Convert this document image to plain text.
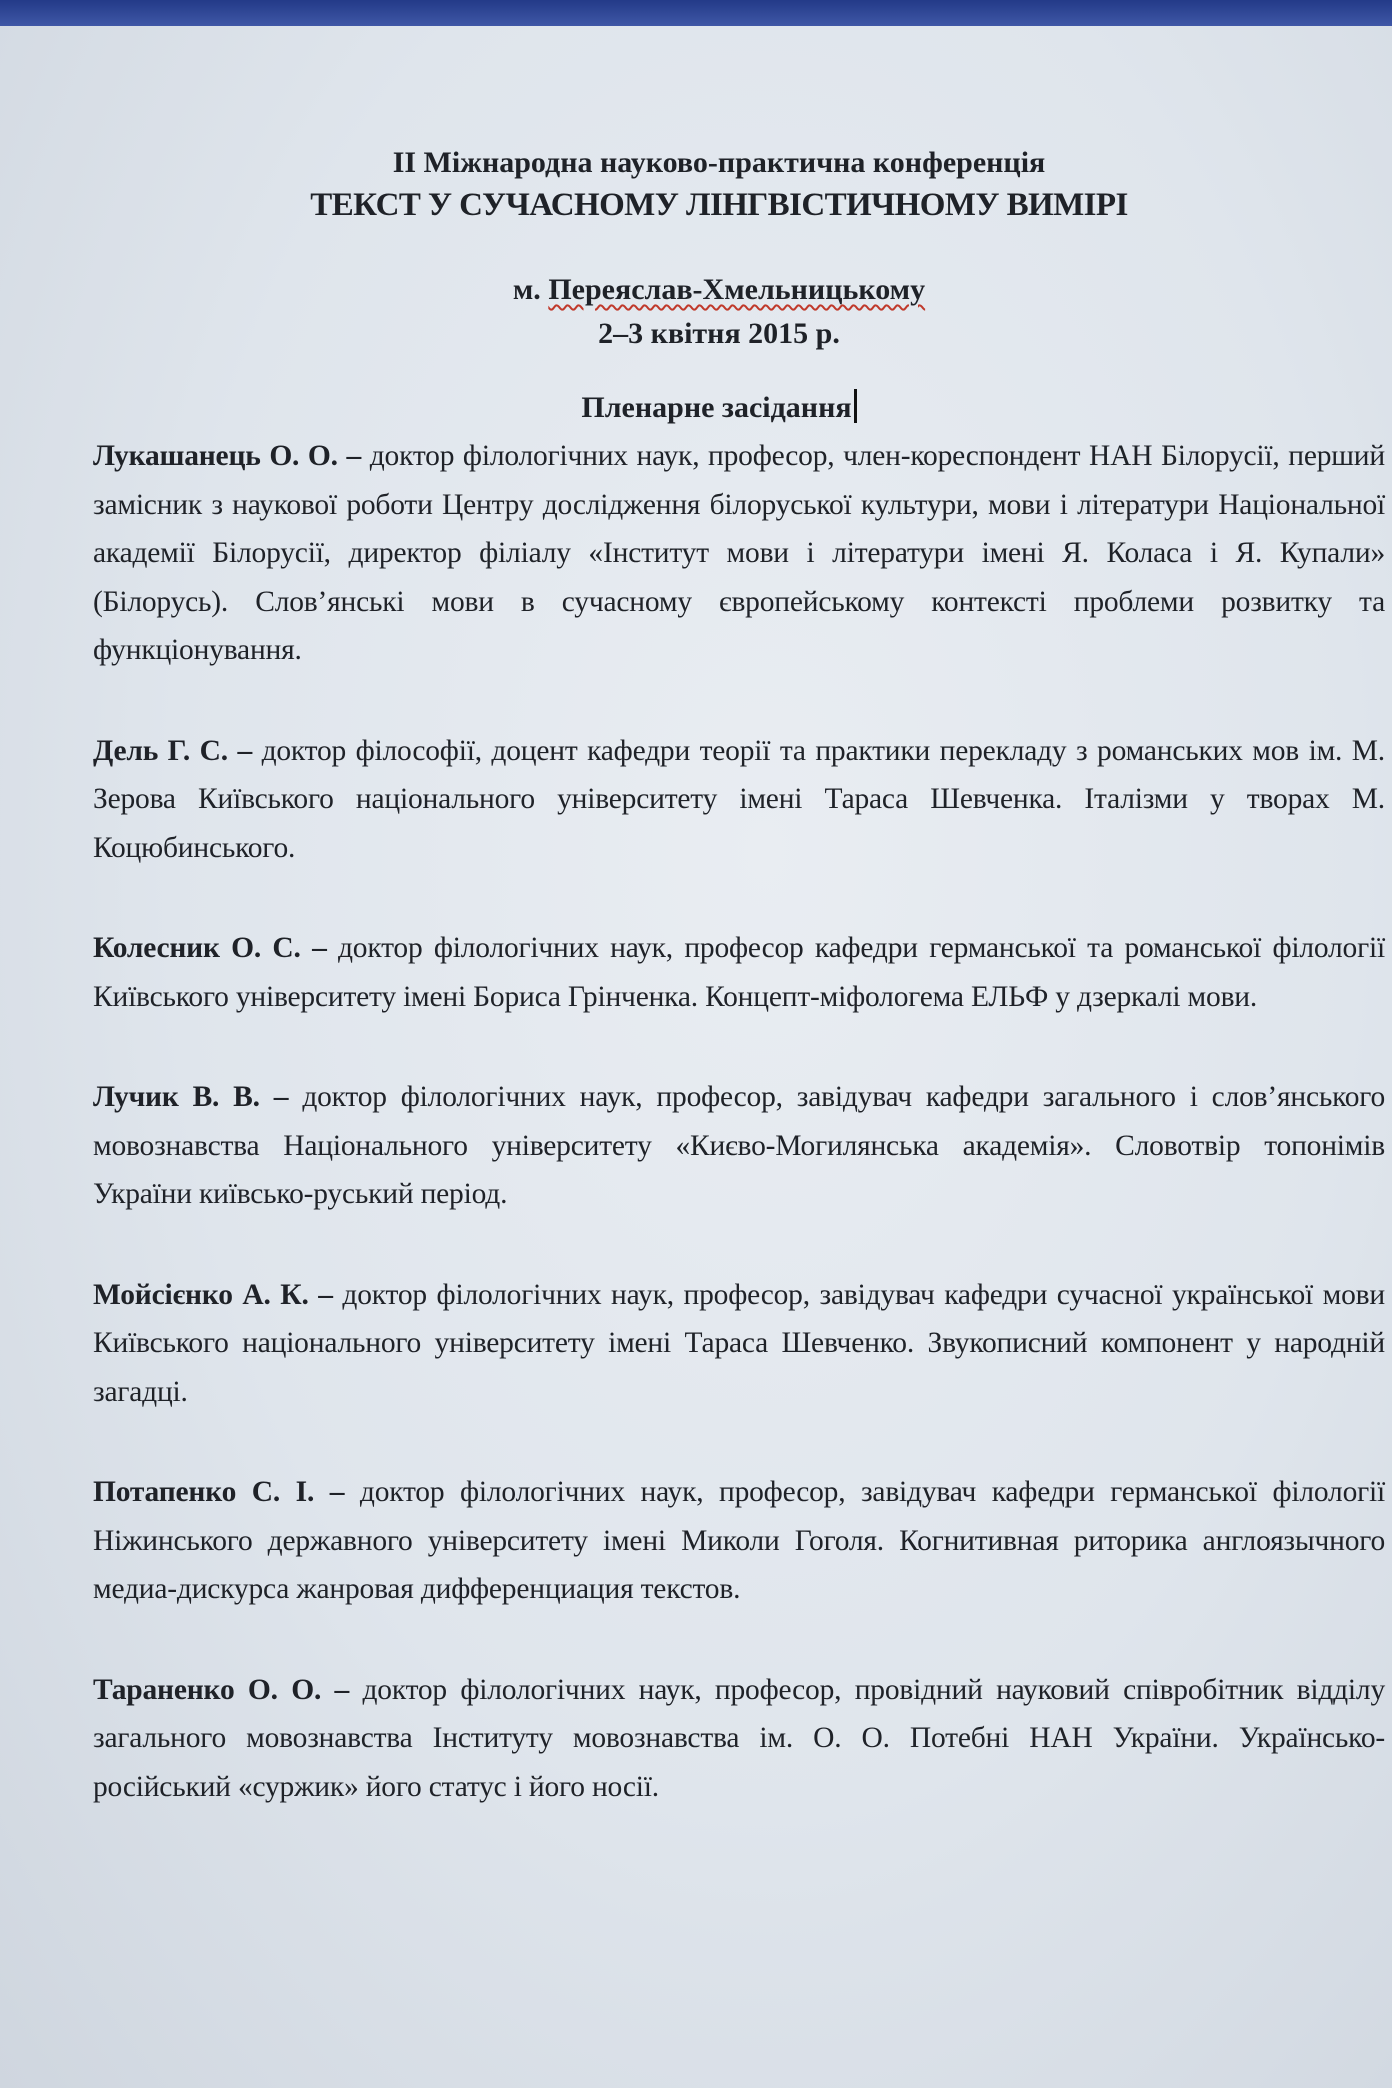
ІІ Міжнародна науково-практична конференція
ТЕКСТ У СУЧАСНОМУ ЛІНГВІСТИЧНОМУ ВИМІРІ
м. Переяслав-Хмельницькому
2–3 квітня 2015 р.
Пленарне засідання

Лукашанець О. О. – доктор філологічних наук, професор, член-кореспондент НАН Білорусії, перший замісник з наукової роботи Центру дослідження білоруської культури, мови і літератури Національної академії Білорусії, директор філіалу «Інститут мови і літератури імені Я. Коласа і Я. Купали» (Білорусь). Слов’янські мови в сучасному європейському контексті проблеми розвитку та функціонування.

Дель Г. С. – доктор філософії, доцент кафедри теорії та практики перекладу з романських мов ім. М. Зерова Київського національного університету імені Тараса Шевченка. Італізми у творах М. Коцюбинського.

Колесник О. С. – доктор філологічних наук, професор кафедри германської та романської філології Київського університету імені Бориса Грінченка. Концепт-міфологема ЕЛЬФ у дзеркалі мови.

Лучик В. В. – доктор філологічних наук, професор, завідувач кафедри загального і слов’янського мовознавства Національного університету «Києво-Могилянська академія». Словотвір топонімів України київсько-руський період.

Мойсієнко А. К. – доктор філологічних наук, професор, завідувач кафедри сучасної української мови Київського національного університету імені Тараса Шевченко. Звукописний компонент у народній загадці.

Потапенко С. І. – доктор філологічних наук, професор, завідувач кафедри германської філології Ніжинського державного університету імені Миколи Гоголя. Когнитивная риторика англоязычного медиа-дискурса жанровая дифференциация текстов.

Тараненко О. О. – доктор філологічних наук, професор, провідний науковий співробітник відділу загального мовознавства Інституту мовознавства ім. О. О. Потебні НАН України. Українсько-російський «суржик» його статус і його носії.
